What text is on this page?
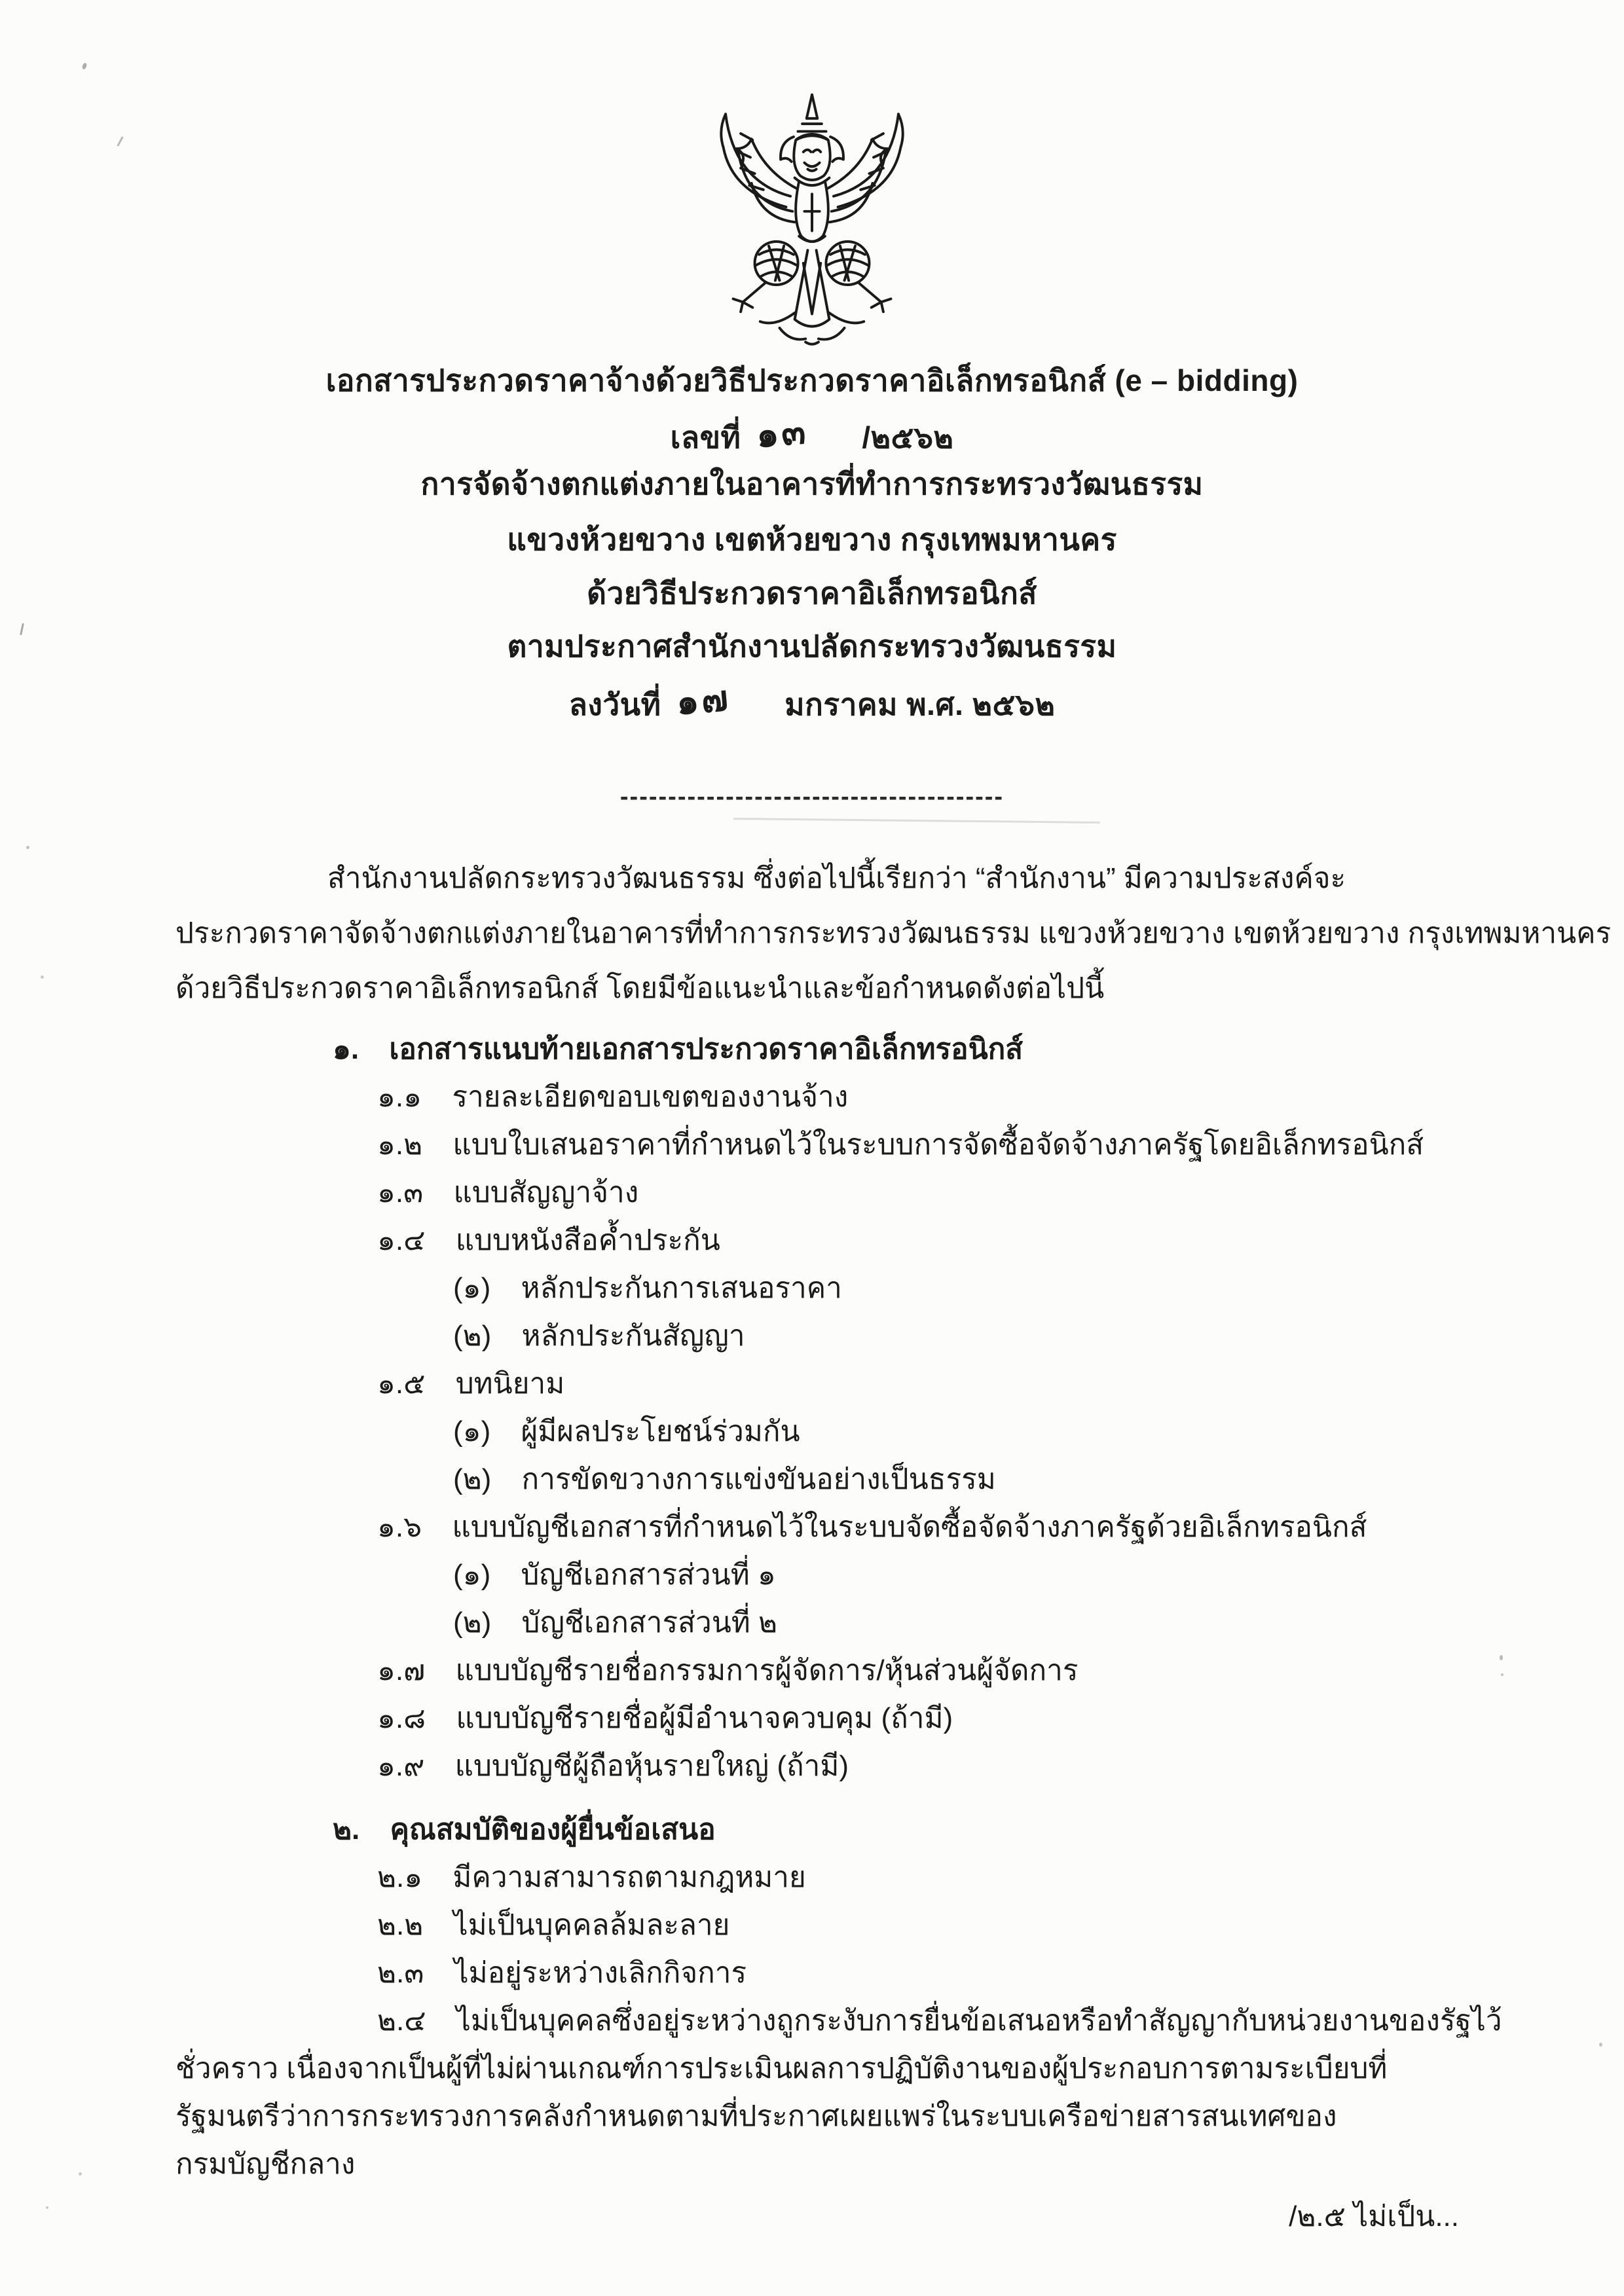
เอกสารประกวดราคาจ้างด้วยวิธีประกวดราคาอิเล็กทรอนิกส์ (e – bidding)
เลขที่ ๑๓ /๒๕๖๒
การจัดจ้างตกแต่งภายในอาคารที่ทำการกระทรวงวัฒนธรรม
แขวงห้วยขวาง เขตห้วยขวาง กรุงเทพมหานคร
ด้วยวิธีประกวดราคาอิเล็กทรอนิกส์
ตามประกาศสำนักงานปลัดกระทรวงวัฒนธรรม
ลงวันที่ ๑๗ มกราคม พ.ศ. ๒๕๖๒
----------------------------------------
สำนักงานปลัดกระทรวงวัฒนธรรม ซึ่งต่อไปนี้เรียกว่า “สำนักงาน” มีความประสงค์จะ
ประกวดราคาจัดจ้างตกแต่งภายในอาคารที่ทำการกระทรวงวัฒนธรรม แขวงห้วยขวาง เขตห้วยขวาง กรุงเทพมหานคร
ด้วยวิธีประกวดราคาอิเล็กทรอนิกส์ โดยมีข้อแนะนำและข้อกำหนดดังต่อไปนี้
๑. เอกสารแนบท้ายเอกสารประกวดราคาอิเล็กทรอนิกส์
๑.๑ รายละเอียดขอบเขตของงานจ้าง
๑.๒ แบบใบเสนอราคาที่กำหนดไว้ในระบบการจัดซื้อจัดจ้างภาครัฐโดยอิเล็กทรอนิกส์
๑.๓ แบบสัญญาจ้าง
๑.๔ แบบหนังสือค้ำประกัน
(๑) หลักประกันการเสนอราคา
(๒) หลักประกันสัญญา
๑.๕ บทนิยาม
(๑) ผู้มีผลประโยชน์ร่วมกัน
(๒) การขัดขวางการแข่งขันอย่างเป็นธรรม
๑.๖ แบบบัญชีเอกสารที่กำหนดไว้ในระบบจัดซื้อจัดจ้างภาครัฐด้วยอิเล็กทรอนิกส์
(๑) บัญชีเอกสารส่วนที่ ๑
(๒) บัญชีเอกสารส่วนที่ ๒
๑.๗ แบบบัญชีรายชื่อกรรมการผู้จัดการ/หุ้นส่วนผู้จัดการ
๑.๘ แบบบัญชีรายชื่อผู้มีอำนาจควบคุม (ถ้ามี)
๑.๙ แบบบัญชีผู้ถือหุ้นรายใหญ่ (ถ้ามี)
๒. คุณสมบัติของผู้ยื่นข้อเสนอ
๒.๑ มีความสามารถตามกฎหมาย
๒.๒ ไม่เป็นบุคคลล้มละลาย
๒.๓ ไม่อยู่ระหว่างเลิกกิจการ
๒.๔ ไม่เป็นบุคคลซึ่งอยู่ระหว่างถูกระงับการยื่นข้อเสนอหรือทำสัญญากับหน่วยงานของรัฐไว้
ชั่วคราว เนื่องจากเป็นผู้ที่ไม่ผ่านเกณฑ์การประเมินผลการปฏิบัติงานของผู้ประกอบการตามระเบียบที่
รัฐมนตรีว่าการกระทรวงการคลังกำหนดตามที่ประกาศเผยแพร่ในระบบเครือข่ายสารสนเทศของ
กรมบัญชีกลาง
/๒.๕ ไม่เป็น...
